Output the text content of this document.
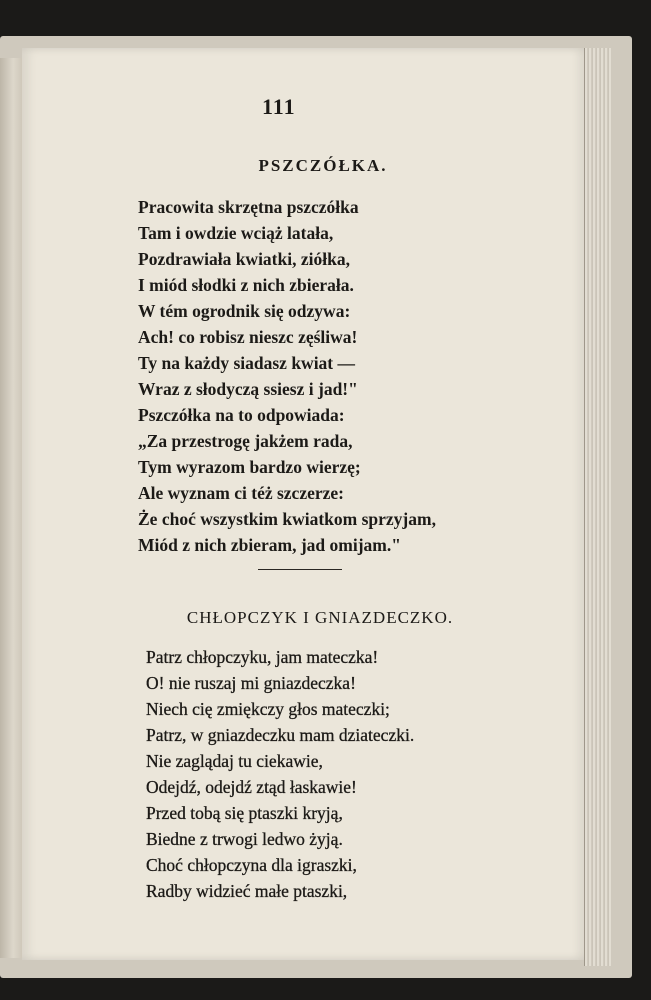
111
PSZCZÓŁKA.
Pracowita skrzętna pszczółka
Tam i owdzie wciąż latała,
Pozdrawiała kwiatki, ziółka,
I miód słodki z nich zbierała.
W tém ogrodnik się odzywa:
Ach! co robisz nieszc zęśliwa!
Ty na każdy siadasz kwiat —
Wraz z słodyczą ssiesz i jad!"
Pszczółka na to odpowiada:
„Za przestrogę jakżem rada,
Tym wyrazom bardzo wierzę;
Ale wyznam ci téż szczerze:
Że choć wszystkim kwiatkom sprzyjam,
Miód z nich zbieram, jad omijam."
CHŁOPCZYK I GNIAZDECZKO.
Patrz chłopczyku, jam mateczka!
O! nie ruszaj mi gniazdeczka!
Niech cię zmiękczy głos mateczki;
Patrz, w gniazdeczku mam dziateczki.
Nie zaglądaj tu ciekawie,
Odejdź, odejdź ztąd łaskawie!
Przed tobą się ptaszki kryją,
Biedne z trwogi ledwo żyją.
Choć chłopczyna dla igraszki,
Radby widzieć małe ptaszki,
